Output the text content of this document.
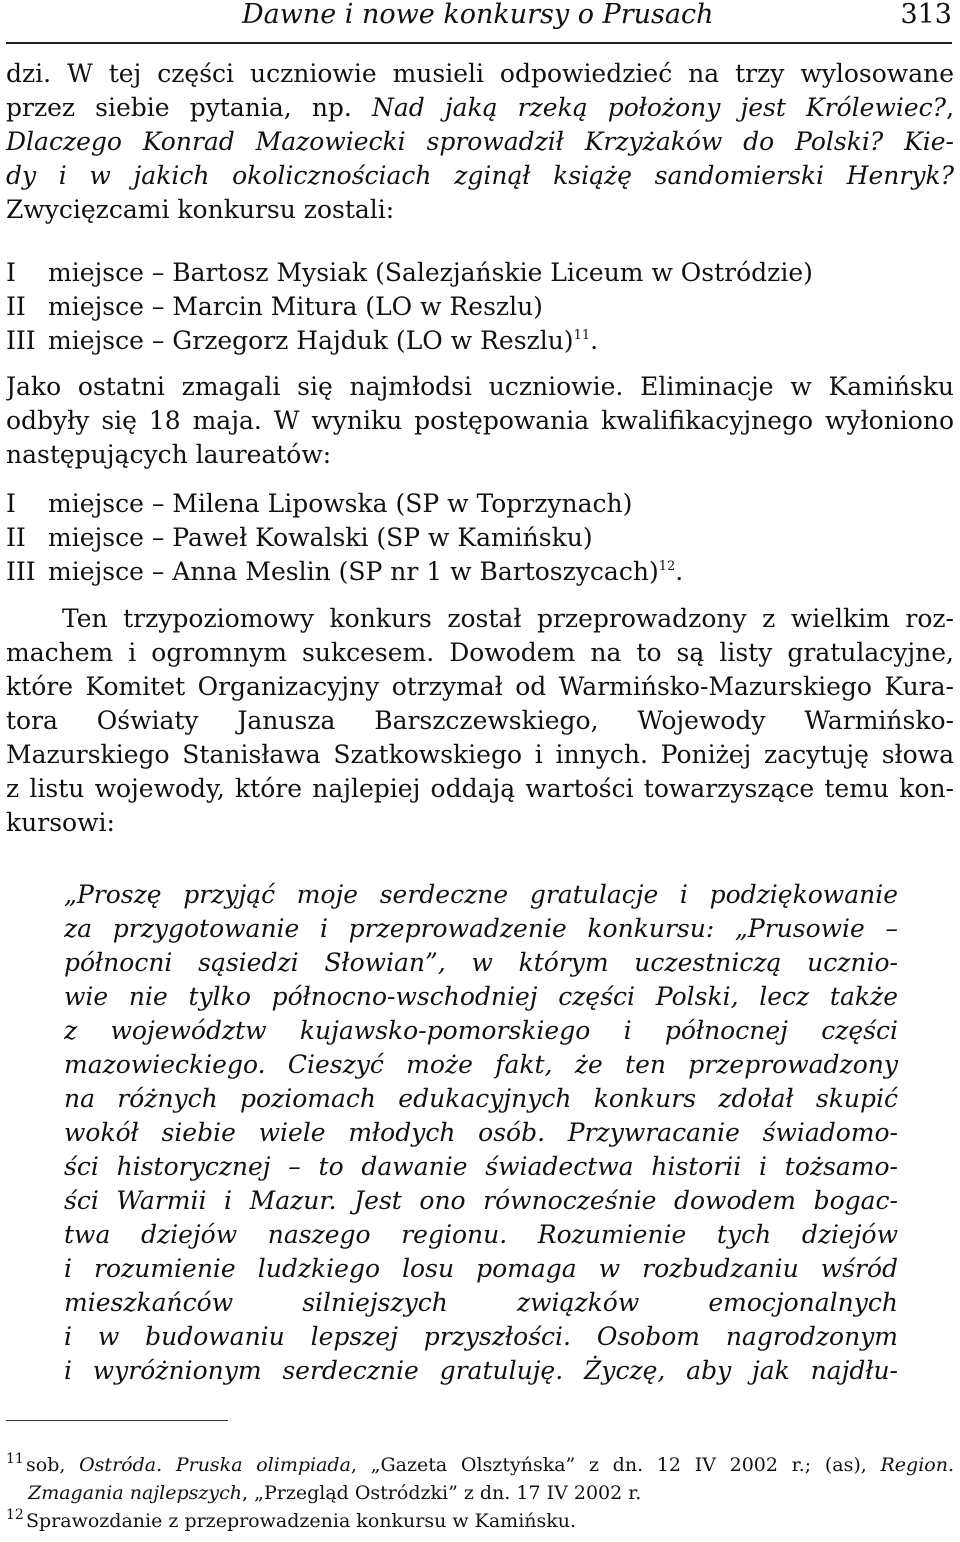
Dawne i nowe konkursy o Prusach	313
dzi. W tej części uczniowie musieli odpowiedzieć na trzy wylosowane
przez siebie pytania, np. Nad jaką rzeką położony jest Królewiec?,
Dlaczego Konrad Mazowiecki sprowadził Krzyżaków do Polski? Kie-
dy i w jakich okolicznościach zginął książę sandomierski Henryk?
Zwycięzcami konkursu zostali:
I miejsce – Bartosz Mysiak (Salezjańskie Liceum w Ostródzie)
II miejsce – Marcin Mitura (LO w Reszlu)
III miejsce – Grzegorz Hajduk (LO w Reszlu)$^{11}$.
Jako ostatni zmagali się najmłodsi uczniowie. Eliminacje w Kamińsku
odbyły się 18 maja. W wyniku postępowania kwalifikacyjnego wyłoniono
następujących laureatów:
I miejsce – Milena Lipowska (SP w Toprzynach)
II miejsce – Paweł Kowalski (SP w Kamińsku)
III miejsce – Anna Meslin (SP nr 1 w Bartoszycach)$^{12}$.
Ten trzypoziomowy konkurs został przeprowadzony z wielkim roz-
machem i ogromnym sukcesem. Dowodem na to są listy gratulacyjne,
które Komitet Organizacyjny otrzymał od Warmińsko-Mazurskiego Kura-
tora Oświaty Janusza Barszczewskiego, Wojewody Warmińsko-
Mazurskiego Stanisława Szatkowskiego i innych. Poniżej zacytuję słowa
z listu wojewody, które najlepiej oddają wartości towarzyszące temu kon-
kursowi:
„Proszę przyjąć moje serdeczne gratulacje i podziękowanie
za przygotowanie i przeprowadzenie konkursu: „Prusowie –
północni sąsiedzi Słowian”, w którym uczestniczą uczniо-
wie nie tylko północno-wschodniej części Polski, lecz także
z województw kujawsko-pomorskiego i północnej części
mazowieckiego. Cieszyć może fakt, że ten przeprowadzony
na różnych poziomach edukacyjnych konkurs zdołał skupić
wokół siebie wiele młodych osób. Przywracanie świadomo-
ści historycznej – to dawanie świadectwa historii i tożsamo-
ści Warmii i Mazur. Jest ono równocześnie dowodem bogac-
twa dziejów naszego regionu. Rozumienie tych dziejów
i rozumienie ludzkiego losu pomaga w rozbudzaniu wśród
mieszkańców silniejszych związków emocjonalnych
i w budowaniu lepszej przyszłości. Osobom nagrodzonym
i wyróżnionym serdecznie gratuluję. Życzę, aby jak najdłu-
11 sob, Ostróda. Pruska olimpiada, „Gazeta Olsztyńska” z dn. 12 IV 2002 r.; (as), Region.
Zmagania najlepszych, „Przegląd Ostródzki” z dn. 17 IV 2002 r.
12 Sprawozdanie z przeprowadzenia konkursu w Kamińsku.
